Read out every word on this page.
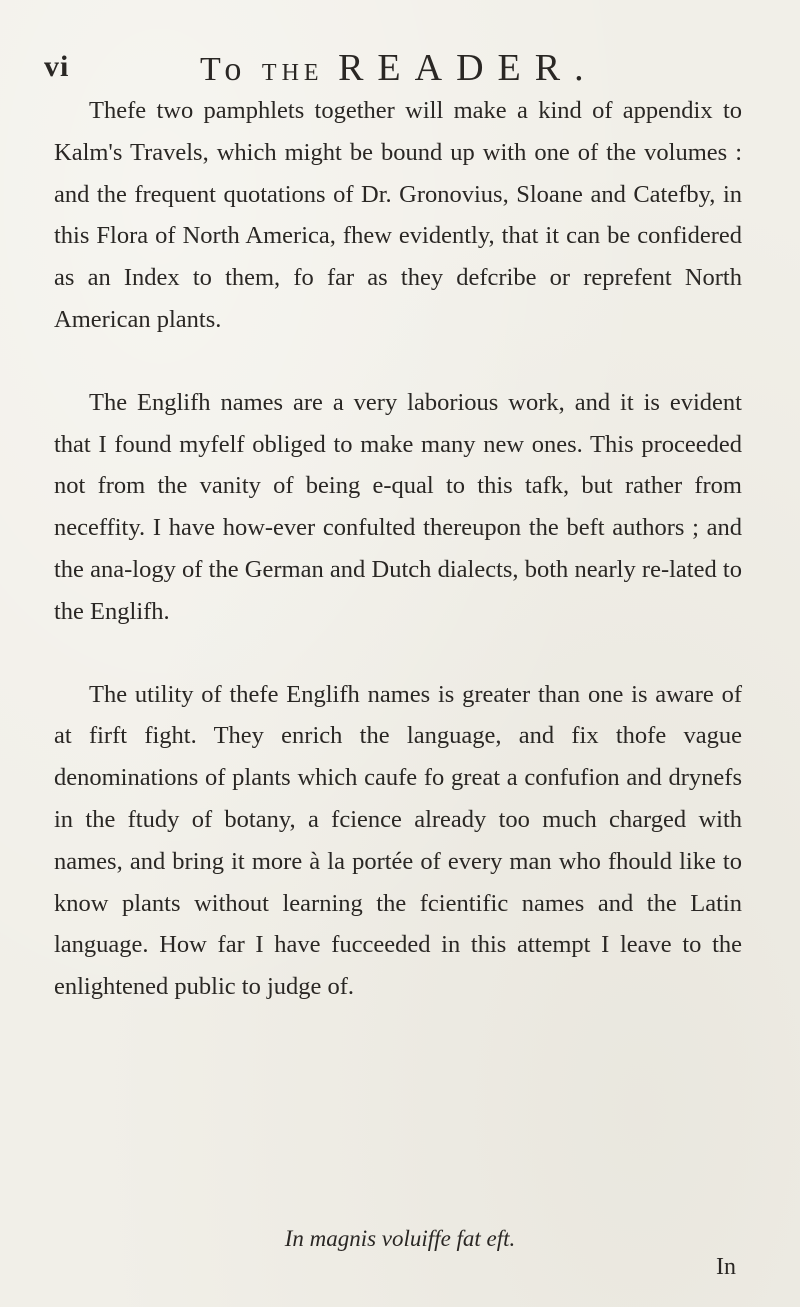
vi	To THE READER.

Thefe two pamphlets together will make a kind of appendix to Kalm's Travels, which might be bound up with one of the volumes : and the frequent quotations of Dr. Gronovius, Sloane and Catefby, in this Flora of North America, fhew evidently, that it can be confidered as an Index to them, fo far as they defcribe or reprefent North American plants.

The Englifh names are a very laborious work, and it is evident that I found myfelf obliged to make many new ones. This proceeded not from the vanity of being e-qual to this tafk, but rather from neceffity. I have how-ever confulted thereupon the beft authors ; and the ana-logy of the German and Dutch dialects, both nearly re-lated to the Englifh.

The utility of thefe Englifh names is greater than one is aware of at firft fight. They enrich the language, and fix thofe vague denominations of plants which caufe fo great a confufion and drynefs in the ftudy of botany, a fcience already too much charged with names, and bring it more à la portée of every man who fhould like to know plants without learning the fcientific names and the Latin language. How far I have fucceeded in this attempt I leave to the enlightened public to judge of.

In magnis voluiffe fat eft.
In
